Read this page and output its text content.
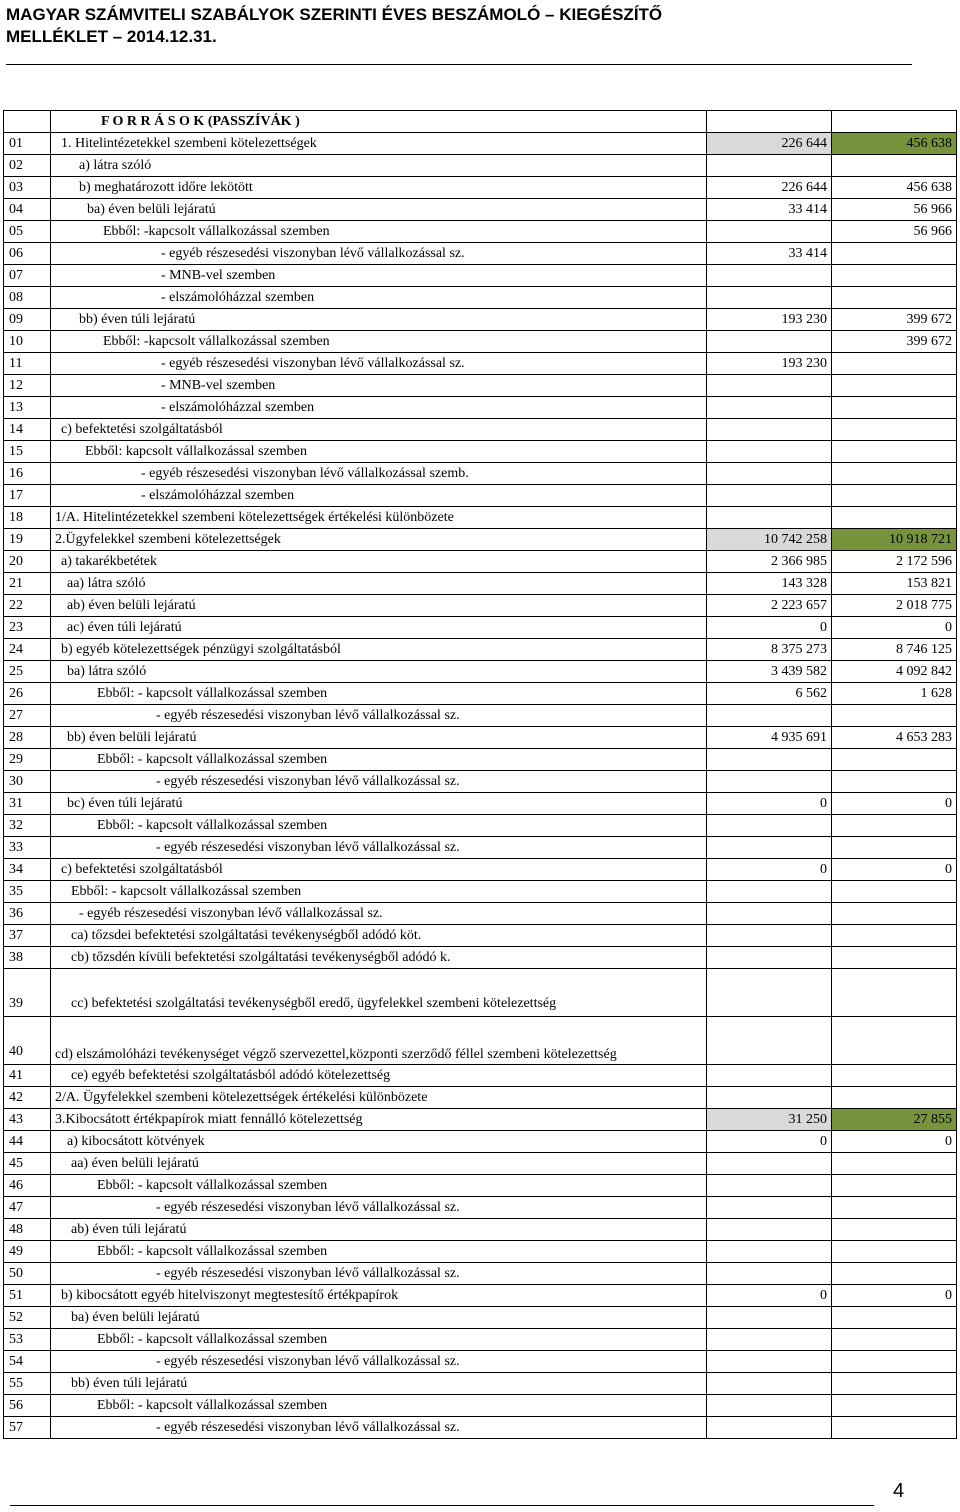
MAGYAR SZÁMVITELI SZABÁLYOK SZERINTI ÉVES BESZÁMOLÓ – KIEGÉSZÍTŐ
MELLÉKLET – 2014.12.31.
	F O R R Á S O K (PASSZÍVÁK )		
01	1. Hitelintézetekkel szembeni kötelezettségek	226 644	456 638
02	a) látra szóló		
03	b) meghatározott időre lekötött	226 644	456 638
04	ba) éven belüli lejáratú	33 414	56 966
05	Ebből: -kapcsolt vállalkozással szemben		56 966
06	- egyéb részesedési viszonyban lévő vállalkozással sz.	33 414	
07	- MNB-vel szemben		
08	- elszámolóházzal szemben		
09	bb) éven túli lejáratú	193 230	399 672
10	Ebből: -kapcsolt vállalkozással szemben		399 672
11	- egyéb részesedési viszonyban lévő vállalkozással sz.	193 230	
12	- MNB-vel szemben		
13	- elszámolóházzal szemben		
14	c) befektetési szolgáltatásból		
15	Ebből: kapcsolt vállalkozással szemben		
16	- egyéb részesedési viszonyban lévő vállalkozással szemb.		
17	- elszámolóházzal szemben		
18	1/A. Hitelintézetekkel szembeni kötelezettségek értékelési különbözete		
19	2.Ügyfelekkel szembeni kötelezettségek	10 742 258	10 918 721
20	a) takarékbetétek	2 366 985	2 172 596
21	aa) látra szóló	143 328	153 821
22	ab) éven belüli lejáratú	2 223 657	2 018 775
23	ac) éven túli lejáratú	0	0
24	b) egyéb kötelezettségek pénzügyi szolgáltatásból	8 375 273	8 746 125
25	ba) látra szóló	3 439 582	4 092 842
26	Ebből: - kapcsolt vállalkozással szemben	6 562	1 628
27	- egyéb részesedési viszonyban lévő vállalkozással sz.		
28	bb) éven belüli lejáratú	4 935 691	4 653 283
29	Ebből: - kapcsolt vállalkozással szemben		
30	- egyéb részesedési viszonyban lévő vállalkozással sz.		
31	bc) éven túli lejáratú	0	0
32	Ebből: - kapcsolt vállalkozással szemben		
33	- egyéb részesedési viszonyban lévő vállalkozással sz.		
34	c) befektetési szolgáltatásból	0	0
35	Ebből: - kapcsolt vállalkozással szemben		
36	- egyéb részesedési viszonyban lévő vállalkozással sz.		
37	ca) tőzsdei befektetési szolgáltatási tevékenységből adódó köt.		
38	cb) tőzsdén kívüli befektetési szolgáltatási tevékenységből adódó k.		
39	cc) befektetési szolgáltatási tevékenységből eredő, ügyfelekkel szembeni kötelezettség		
40	cd) elszámolóházi tevékenységet végző szervezettel,központi szerződő féllel szembeni kötelezettség		
41	ce) egyéb befektetési szolgáltatásból adódó kötelezettség		
42	2/A. Ügyfelekkel szembeni kötelezettségek értékelési különbözete		
43	3.Kibocsátott értékpapírok miatt fennálló kötelezettség	31 250	27 855
44	a) kibocsátott kötvények	0	0
45	aa) éven belüli lejáratú		
46	Ebből: - kapcsolt vállalkozással szemben		
47	- egyéb részesedési viszonyban lévő vállalkozással sz.		
48	ab) éven túli lejáratú		
49	Ebből: - kapcsolt vállalkozással szemben		
50	- egyéb részesedési viszonyban lévő vállalkozással sz.		
51	b) kibocsátott egyéb hitelviszonyt megtestesítő értékpapírok	0	0
52	ba) éven belüli lejáratú		
53	Ebből: - kapcsolt vállalkozással szemben		
54	- egyéb részesedési viszonyban lévő vállalkozással sz.		
55	bb) éven túli lejáratú		
56	Ebből: - kapcsolt vállalkozással szemben		
57	- egyéb részesedési viszonyban lévő vállalkozással sz.		
4
